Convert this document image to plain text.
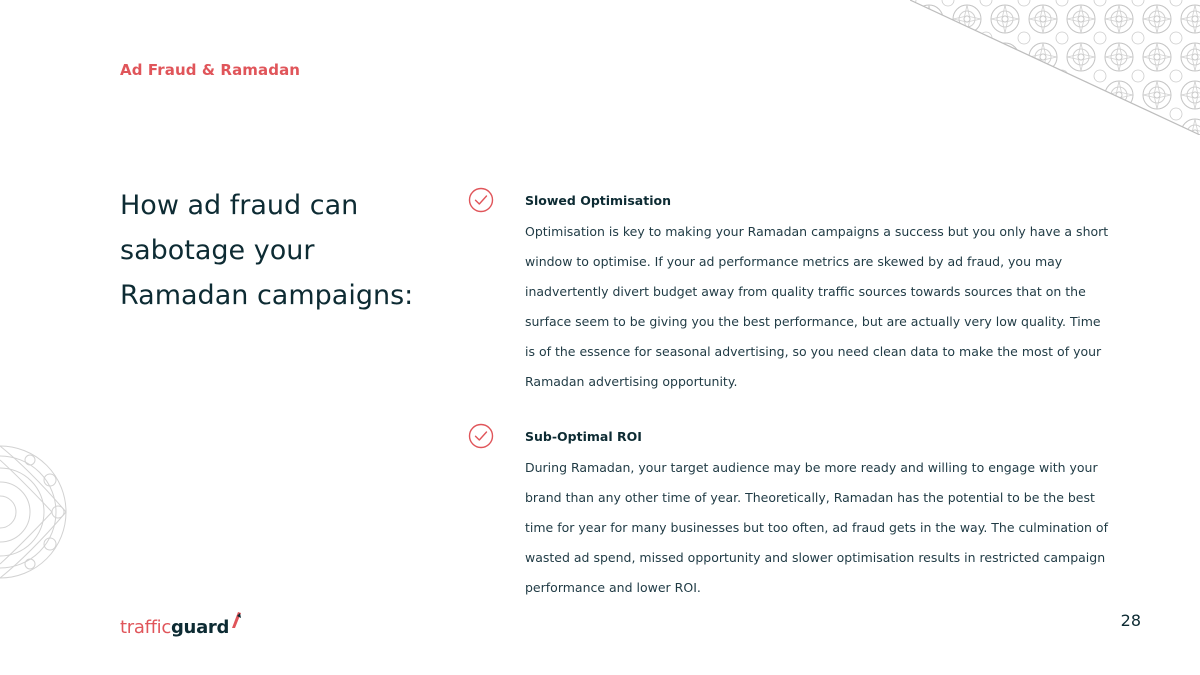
Ad Fraud & Ramadan
How ad fraud can
sabotage your
Ramadan campaigns:
Slowed Optimisation

Optimisation is key to making your Ramadan campaigns a success but you only have a short window to optimise. If your ad performance metrics are skewed by ad fraud, you may inadvertently divert budget away from quality traffic sources towards sources that on the surface seem to be giving you the best performance, but are actually very low quality. Time is of the essence for seasonal advertising, so you need clean data to make the most of your Ramadan advertising opportunity.

Sub-Optimal ROI

During Ramadan, your target audience may be more ready and willing to engage with your brand than any other time of year. Theoretically, Ramadan has the potential to be the best time for year for many businesses but too often, ad fraud gets in the way. The culmination of wasted ad spend, missed opportunity and slower optimisation results in restricted campaign performance and lower ROI.

traffic guard	28
